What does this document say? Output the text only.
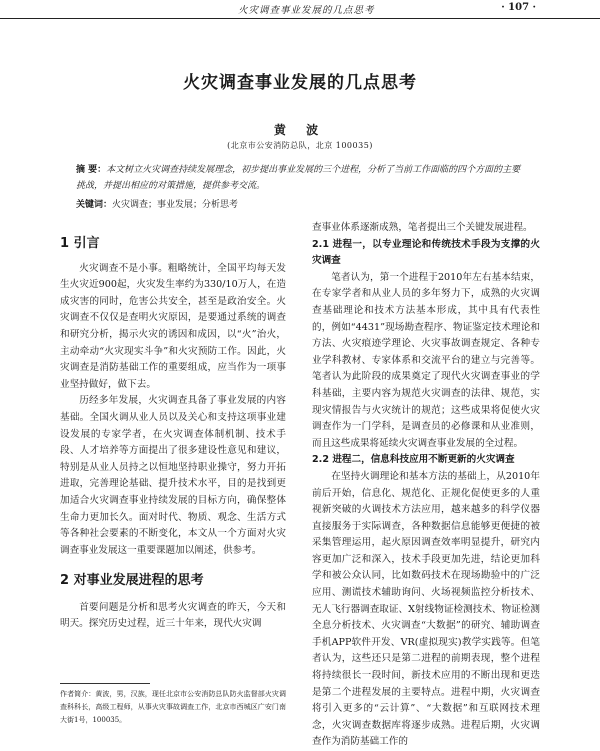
火灾调查事业发展的几点思考	· 107 ·
火灾调查事业发展的几点思考
黄 波
(北京市公安消防总队，北京 100035)
摘 要：本文树立火灾调查持续发展理念，初步提出事业发展的三个进程，分析了当前工作面临的四个方面的主要挑战，并提出相应的对策措施，提供参考交流。
关键词：火灾调查；事业发展；分析思考
1 引言

火灾调查不是小事。粗略统计，全国平均每天发生火灾近900起，火灾发生率约为330/10万人，在造成灾害的同时，危害公共安全，甚至是政治安全。火灾调查不仅仅是查明火灾原因，是要通过系统的调查和研究分析，揭示火灾的诱因和成因，以“火”治火，主动牵动“火灾现实斗争”和火灾预防工作。因此，火灾调查是消防基础工作的重要组成，应当作为一项事业坚持做好，做下去。

历经多年发展，火灾调查具备了事业发展的内容基础。全国火调从业人员以及关心和支持这项事业建设发展的专家学者，在火灾调查体制机制、技术手段、人才培养等方面提出了很多建设性意见和建议，特别是从业人员持之以恒地坚持职业操守，努力开拓进取，完善理论基础、提升技术水平，目的是找到更加适合火灾调查事业持续发展的目标方向，确保整体生命力更加长久。面对时代、物质、观念、生活方式等各种社会要素的不断变化，本文从一个方面对火灾调查事业发展这一重要课题加以阐述，供参考。

2 对事业发展进程的思考

首要问题是分析和思考火灾调查的昨天，今天和明天。探究历史过程，近三十年来，现代火灾调

查事业体系逐渐成熟，笔者提出三个关键发展进程。

2.1 进程一，以专业理论和传统技术手段为支撑的火灾调查

笔者认为，第一个进程于2010年左右基本结束，在专家学者和从业人员的多年努力下，成熟的火灾调查基础理论和技术方法基本形成，其中具有代表性的，例如“4431”现场勘查程序、物证鉴定技术理论和方法、火灾痕迹学理论、火灾事故调查规定、各种专业学科教材、专家体系和交流平台的建立与完善等。笔者认为此阶段的成果奠定了现代火灾调查事业的学科基础，主要内容为规范火灾调查的法律、规范，实现灾情报告与火灾统计的规范；这些成果将促使火灾调查作为一门学科，是调查员的必修课和从业准则，而且这些成果将延续火灾调查事业发展的全过程。

2.2 进程二，信息科技应用不断更新的火灾调查

在坚持火调理论和基本方法的基础上，从2010年前后开始，信息化、规范化、正规化促使更多的人重视新突破的火调技术方法应用，越来越多的科学仪器直接服务于实际调查，各种数据信息能够更便捷的被采集管理运用，起火原因调查效率明显提升，研究内容更加广泛和深入，技术手段更加先进，结论更加科学和被公众认同，比如数码技术在现场勘验中的广泛应用、测谎技术辅助询问、火场视频监控分析技术、无人飞行器调查取证、X射线物证检测技术、物证检测全息分析技术、火灾调查“大数据”的研究、辅助调查手机APP软件开发、VR(虚拟现实)教学实践等。但笔者认为，这些还只是第二进程的前期表现，整个进程将持续很长一段时间，新技术应用的不断出现和更迭是第二个进程发展的主要特点。进程中期，火灾调查将引入更多的“云计算”、“大数据”和互联网技术理念，火灾调查数据库将逐步成熟。进程后期，火灾调查作为消防基础工作的

作者简介：黄波，男，汉族，现任北京市公安消防总队防火监督部火灾调查科科长，高级工程师，从事火灾事故调查工作，北京市西城区广安门南大街1号，100035。
